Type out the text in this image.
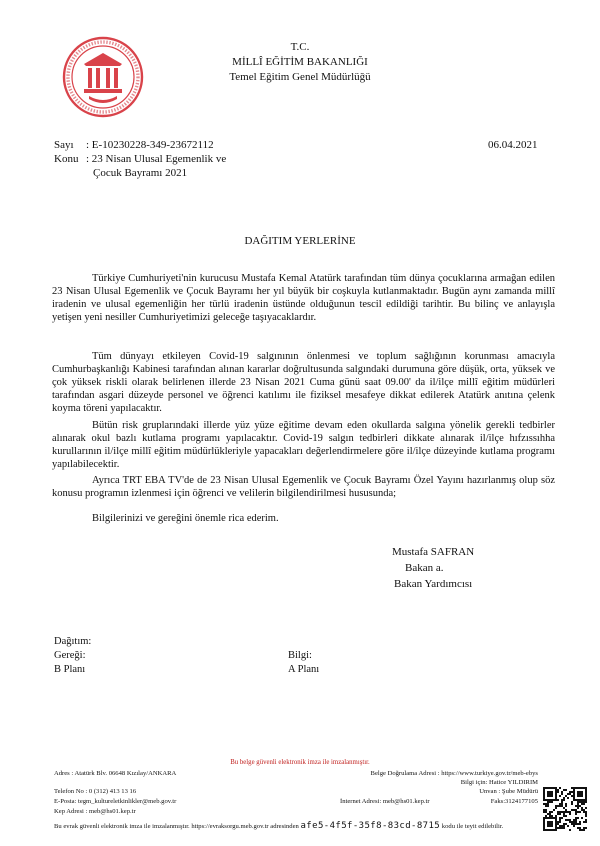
T.C.
MİLLÎ EĞİTİM BAKANLIĞI
Temel Eğitim Genel Müdürlüğü
Sayı : E-10230228-349-23672112	06.04.2021
Konu : 23 Nisan Ulusal Egemenlik ve
Çocuk Bayramı 2021
DAĞITIM YERLERİNE

Türkiye Cumhuriyeti'nin kurucusu Mustafa Kemal Atatürk tarafından tüm dünya çocuklarına armağan edilen 23 Nisan Ulusal Egemenlik ve Çocuk Bayramı her yıl büyük bir coşkuyla kutlanmaktadır. Bugün aynı zamanda millî iradenin ve ulusal egemenliğin her türlü iradenin üstünde olduğunun tescil edildiği tarihtir. Bu bilinç ve anlayışla yetişen yeni nesiller Cumhuriyetimizi geleceğe taşıyacaklardır.

Tüm dünyayı etkileyen Covid-19 salgınının önlenmesi ve toplum sağlığının korunması amacıyla Cumhurbaşkanlığı Kabinesi tarafından alınan kararlar doğrultusunda salgındaki durumuna göre düşük, orta, yüksek ve çok yüksek riskli olarak belirlenen illerde 23 Nisan 2021 Cuma günü saat 09.00' da il/ilçe millî eğitim müdürleri tarafından asgari düzeyde personel ve öğrenci katılımı ile fiziksel mesafeye dikkat edilerek Atatürk anıtına çelenk koyma töreni yapılacaktır.

Bütün risk gruplarındaki illerde yüz yüze eğitime devam eden okullarda salgına yönelik gerekli tedbirler alınarak okul bazlı kutlama programı yapılacaktır. Covid-19 salgın tedbirleri dikkate alınarak il/ilçe hıfzıssıhha kurullarının il/ilçe millî eğitim müdürlükleriyle yapacakları değerlendirmelere göre il/ilçe düzeyinde kutlama programı yapılabilecektir.

Ayrıca TRT EBA TV'de de 23 Nisan Ulusal Egemenlik ve Çocuk Bayramı Özel Yayını hazırlanmış olup söz konusu programın izlenmesi için öğrenci ve velilerin bilgilendirilmesi hususunda;

Bilgilerinizi ve gereğini önemle rica ederim.

Mustafa SAFRAN
Bakan a.
Bakan Yardımcısı
Dağıtım:
Gereği:
B Planı
Bilgi:
A Planı
Bu belge güvenli elektronik imza ile imzalanmıştır.
Adres : Atatürk Blv. 06648 Kızılay/ANKARA	Belge Doğrulama Adresi : https://www.turkiye.gov.tr/meb-ebys
Bilgi için: Hatice YILDIRIM
Unvan : Şube Müdürü
Telefon No : 0 (312) 413 13 16
E-Posta: tegm_kultureletkinlikler@meb.gov.tr	İnternet Adresi: meb@hs01.kep.tr	Faks:3124177105
Kep Adresi : meb@hs01.kep.tr
Bu evrak güvenli elektronik imza ile imzalanmıştır. https://evraksorgu.meb.gov.tr adresinden afe5-4f5f-35f8-83cd-8715 kodu ile teyit edilebilir.
